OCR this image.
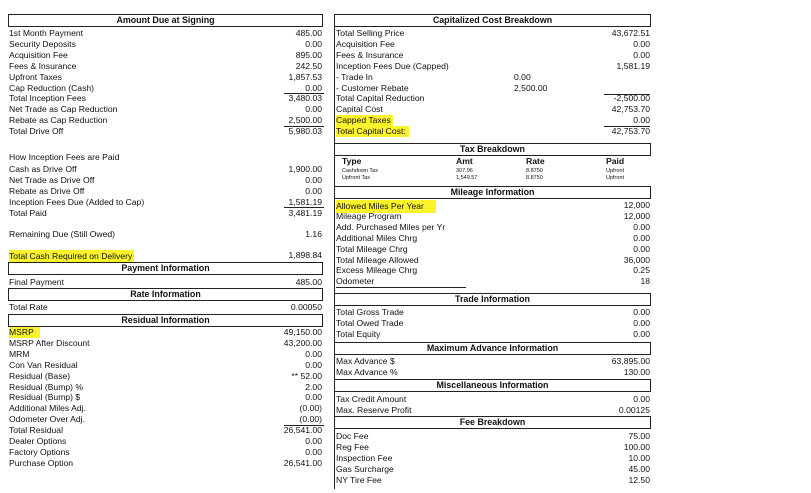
Amount Due at Signing
1st Month Payment	485.00
Security Deposits	0.00
Acquisition Fee	895.00
Fees & Insurance	242.50
Upfront Taxes	1,857.53
Cap Reduction (Cash)	0.00
Total Inception Fees	3,480.03
Net Trade as Cap Reduction	0.00
Rebate as Cap Reduction	2,500.00
Total Drive Off	5,980.03
How Inception Fees are Paid
Cash as Drive Off	1,900.00
Net Trade as Drive Off	0.00
Rebate as Drive Off	0.00
Inception Fees Due (Added to Cap)	1,581.19
Total Paid	3,481.19
Remaining Due (Still Owed)	1.16
Total Cash Required on Delivery	1,898.84
Payment Information
Final Payment	485.00
Rate Information
Total Rate	0.00050
Residual Information
MSRP	49,150.00
MSRP After Discount	43,200.00
MRM	0.00
Con Van Residual	0.00
Residual (Base)	** 52.00
Residual (Bump) %	2.00
Residual (Bump) $	0.00
Additional Miles Adj.	(0.00)
Odometer Over Adj.	(0.00)
Total Residual	26,541.00
Dealer Options	0.00
Factory Options	0.00
Purchase Option	26,541.00
Capitalized Cost Breakdown
Total Selling Price	43,672.51
Acquisition Fee	0.00
Fees & Insurance	0.00
Inception Fees Due (Capped)	1,581.19
- Trade In	0.00
- Customer Rebate	2,500.00
Total Capital Reduction	-2,500.00
Capital Cost	42,753.70
Capped Taxes	0.00
Total Capital Cost:	42,753.70
Tax Breakdown
Type	Amt	Rate	Paid
Cashdown Tax	307.96	8.8750	Upfront
Upfront Tax	1,549.57	8.8750	Upfront
Mileage Information
Allowed Miles Per Year	12,000
Mileage Program	12,000
Add. Purchased Miles per Yr	0.00
Additional Miles Chrg	0.00
Total Mileage Chrg	0.00
Total Mileage Allowed	36,000
Excess Mileage Chrg	0.25
Odometer	18
Trade Information
Total Gross Trade	0.00
Total Owed Trade	0.00
Total Equity	0.00
Maximum Advance Information
Max Advance $	63,895.00
Max Advance %	130.00
Miscellaneous Information
Tax Credit Amount	0.00
Max. Reserve Profit	0.00125
Fee Breakdown
Doc Fee	75.00
Reg Fee	100.00
Inspection Fee	10.00
Gas Surcharge	45.00
NY Tire Fee	12.50
